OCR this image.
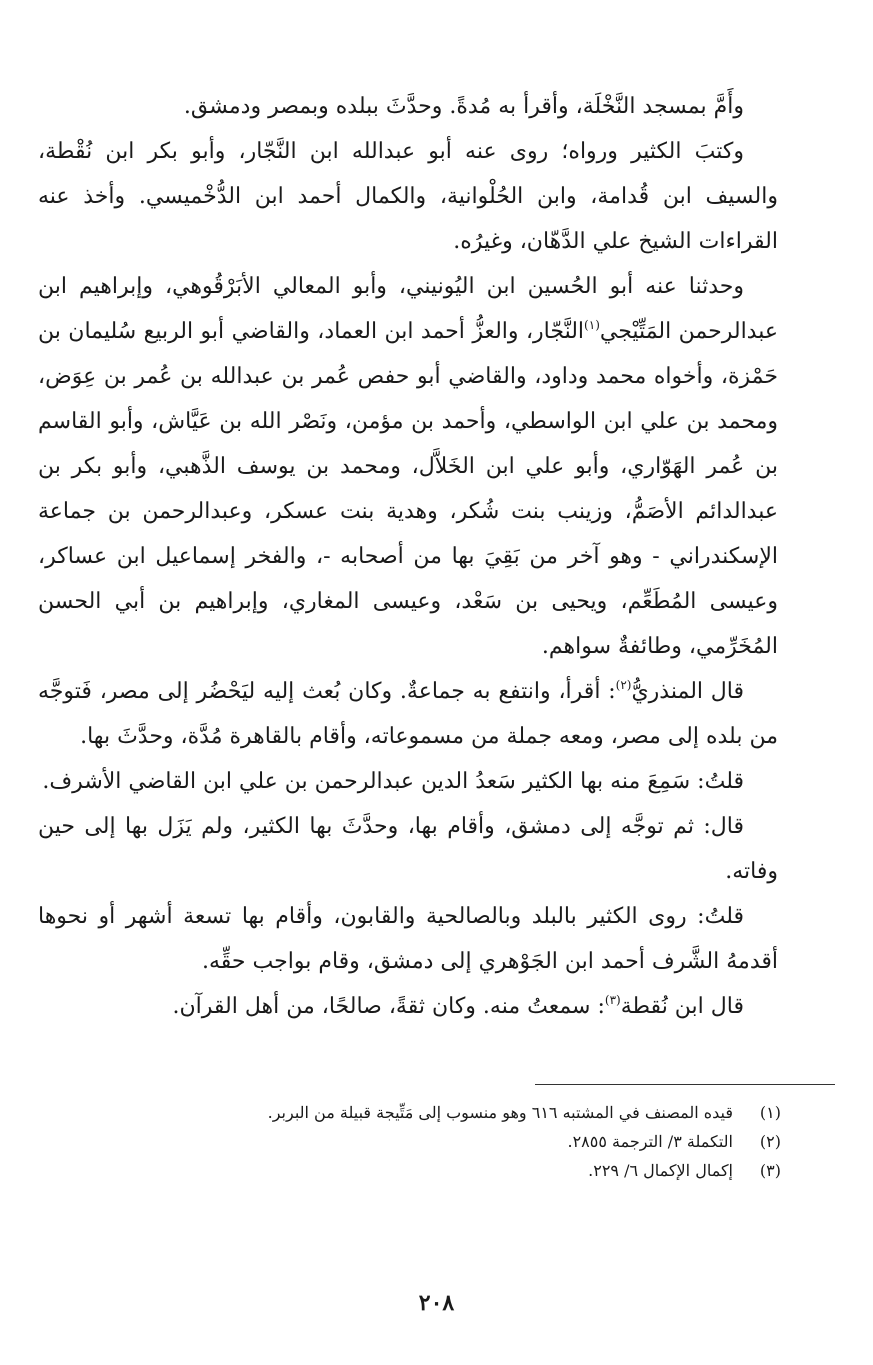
وأَمَّ بمسجد النَّخْلَة، وأقرأ به مُدةً. وحدَّثَ ببلده وبمصر ودمشق.

وكتبَ الكثير ورواه؛ روى عنه أبو عبدالله ابن النَّجّار، وأبو بكر ابن نُقْطة، والسيف ابن قُدامة، وابن الحُلْوانية، والكمال أحمد ابن الدُّخْميسي. وأخذ عنه القراءات الشيخ علي الدَّهّان، وغيرُه.

وحدثنا عنه أبو الحُسين ابن اليُونيني، وأبو المعالي الأبَرْقُوهي، وإبراهيم ابن عبدالرحمن المَتِّيْجي$^{(١)}$النَّجّار، والعزُّ أحمد ابن العماد، والقاضي أبو الربيع سُليمان بن حَمْزة، وأخواه محمد وداود، والقاضي أبو حفص عُمر بن عبدالله بن عُمر بن عِوَض، ومحمد بن علي ابن الواسطي، وأحمد بن مؤمن، ونَصْر الله بن عَيَّاش، وأبو القاسم بن عُمر الهَوّاري، وأبو علي ابن الخَلاَّل، ومحمد بن يوسف الذَّهبي، وأبو بكر بن عبدالدائم الأصَمُّ، وزينب بنت شُكر، وهدية بنت عسكر، وعبدالرحمن بن جماعة الإسكندراني - وهو آخر من بَقِيَ بها من أصحابه -، والفخر إسماعيل ابن عساكر، وعيسى المُطَعِّم، ويحيى بن سَعْد، وعيسى المغاري، وإبراهيم بن أبي الحسن المُخَرِّمي، وطائفةٌ سواهم.

قال المنذريُّ$^{(٢)}$: أقرأ، وانتفع به جماعةٌ. وكان بُعث إليه ليَحْضُر إلى مصر، فَتوجَّه من بلده إلى مصر، ومعه جملة من مسموعاته، وأقام بالقاهرة مُدَّة، وحدَّثَ بها.

قلتُ: سَمِعَ منه بها الكثير سَعدُ الدين عبدالرحمن بن علي ابن القاضي الأشرف.

قال: ثم توجَّه إلى دمشق، وأقام بها، وحدَّثَ بها الكثير، ولم يَزَل بها إلى حين وفاته.

قلتُ: روى الكثير بالبلد وبالصالحية والقابون، وأقام بها تسعة أشهر أو نحوها أقدمهُ الشَّرف أحمد ابن الجَوْهري إلى دمشق، وقام بواجب حقِّه.

قال ابن نُقطة$^{(٣)}$: سمعتُ منه. وكان ثقةً، صالحًا، من أهل القرآن.

(١)
قيده المصنف في المشتبه ٦١٦ وهو منسوب إلى مَتِّيجة قبيلة من البربر.
(٢)
التكملة ٣/ الترجمة ٢٨٥٥.
(٣)
إكمال الإكمال ٦/ ٢٢٩.
٢٠٨
